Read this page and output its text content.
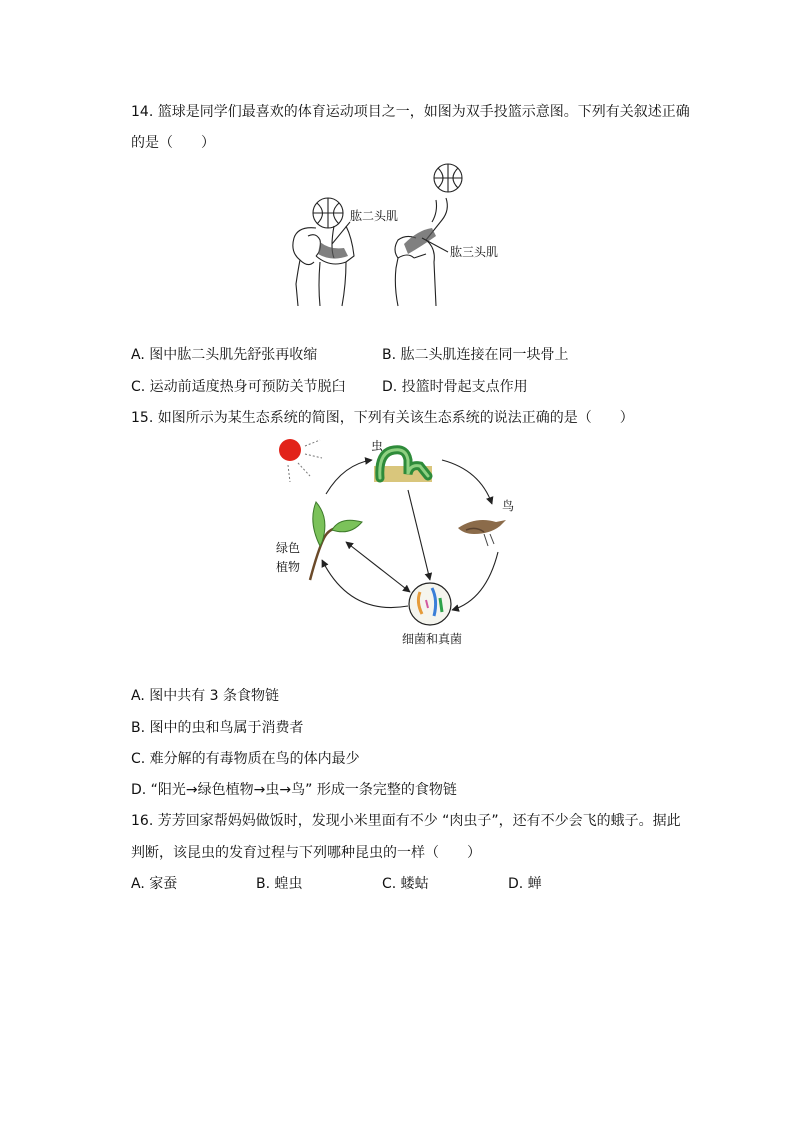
14. 篮球是同学们最喜欢的体育运动项目之一，如图为双手投篮示意图。下列有关叙述正确
的是（　　）
肱二头肌
肱三头肌
A. 图中肱二头肌先舒张再收缩	B. 肱二头肌连接在同一块骨上
C. 运动前适度热身可预防关节脱臼	D. 投篮时骨起支点作用
15. 如图所示为某生态系统的简图，下列有关该生态系统的说法正确的是（　　）
虫
鸟
绿色
植物
细菌和真菌
A. 图中共有 3 条食物链
B. 图中的虫和鸟属于消费者
C. 难分解的有毒物质在鸟的体内最少
D. “阳光→绿色植物→虫→鸟” 形成一条完整的食物链
16. 芳芳回家帮妈妈做饭时，发现小米里面有不少 “肉虫子”，还有不少会飞的蛾子。据此
判断，该昆虫的发育过程与下列哪种昆虫的一样（　　）
A. 家蚕	B. 蝗虫	C. 蝼蛄	D. 蝉
